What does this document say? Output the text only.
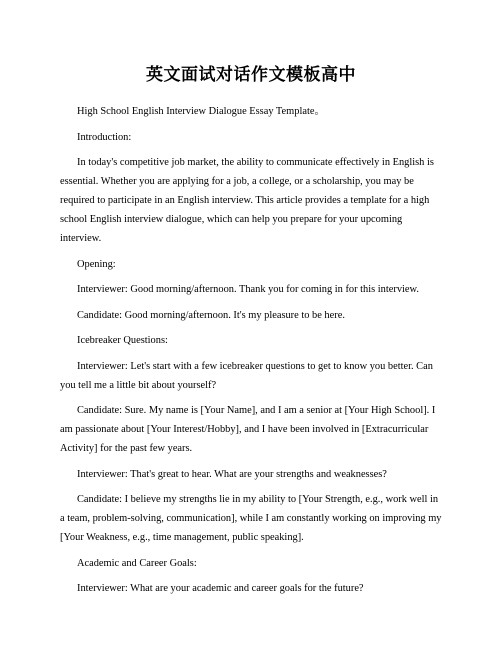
英文面试对话作文模板高中

High School English Interview Dialogue Essay Template。

Introduction:

In today's competitive job market, the ability to communicate effectively in English is essential. Whether you are applying for a job, a college, or a scholarship, you may be required to participate in an English interview. This article provides a template for a high school English interview dialogue, which can help you prepare for your upcoming interview.

Opening:

Interviewer: Good morning/afternoon. Thank you for coming in for this interview.

Candidate: Good morning/afternoon. It's my pleasure to be here.

Icebreaker Questions:

Interviewer: Let's start with a few icebreaker questions to get to know you better. Can you tell me a little bit about yourself?

Candidate: Sure. My name is [Your Name], and I am a senior at [Your High School]. I am passionate about [Your Interest/Hobby], and I have been involved in [Extracurricular Activity] for the past few years.

Interviewer: That's great to hear. What are your strengths and weaknesses?

Candidate: I believe my strengths lie in my ability to [Your Strength, e.g., work well in a team, problem-solving, communication], while I am constantly working on improving my [Your Weakness, e.g., time management, public speaking].

Academic and Career Goals:

Interviewer: What are your academic and career goals for the future?
